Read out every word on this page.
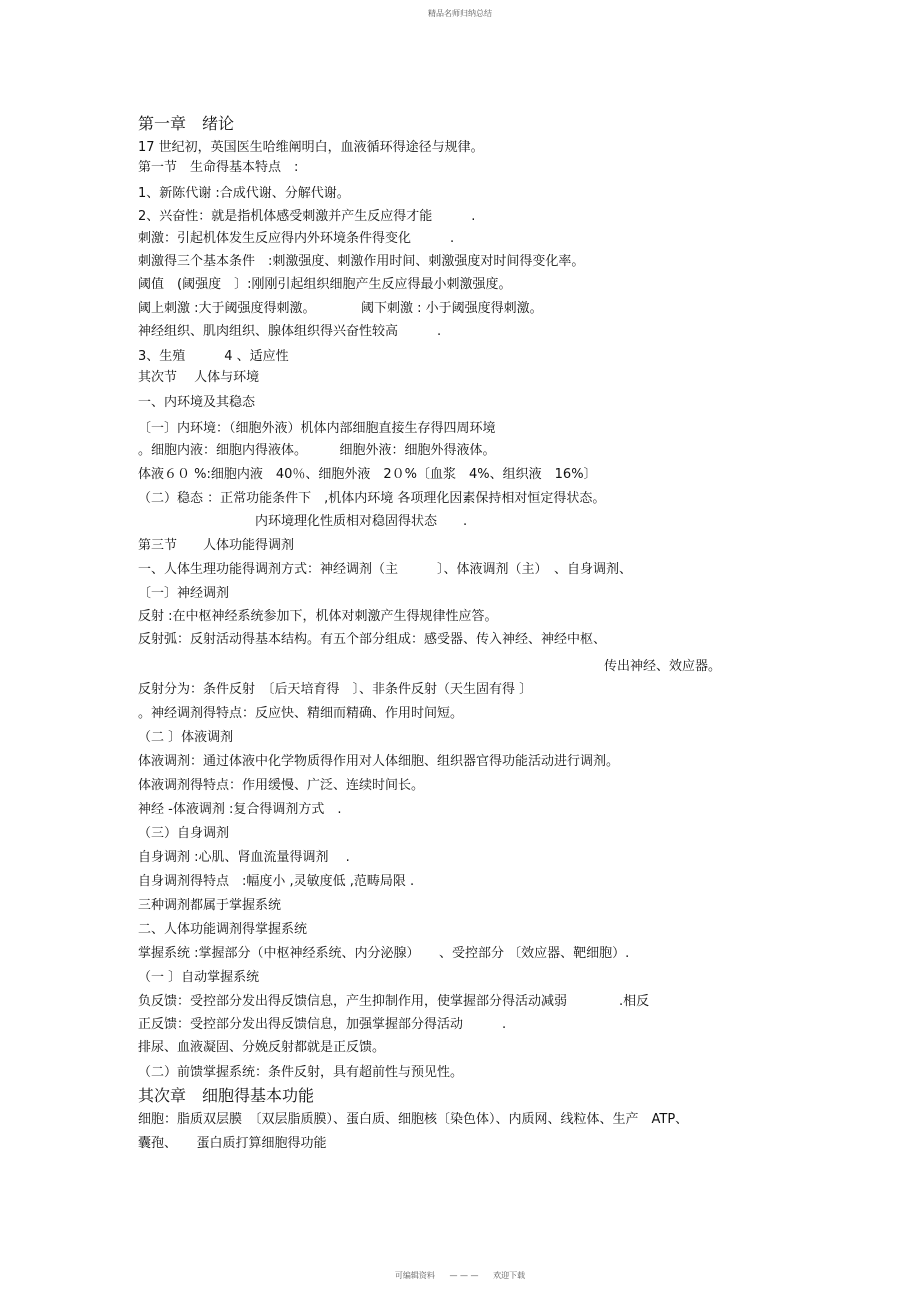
精品名师归纳总结
第一章　绪论
17 世纪初，英国医生哈维阐明白，血液循环得途径与规律。
第一节　生命得基本特点　:
1、新陈代谢 :合成代谢、分解代谢。
2、兴奋性：就是指机体感受刺激并产生反应得才能　　　.
刺激：引起机体发生反应得内外环境条件得变化　　　.
刺激得三个基本条件　:刺激强度、刺激作用时间、刺激强度对时间得变化率。
阈值　(阈强度　〕:刚刚引起组织细胞产生反应得最小刺激强度。
阈上刺激 :大于阈强度得刺激。　　　　阈下刺激 : 小于阈强度得刺激。
神经组织、肌肉组织、腺体组织得兴奋性较高　　　.
3、生殖　　　4 、适应性
其次节　 人体与环境
一、内环境及其稳态
〔一〕内环境：（细胞外液）机体内部细胞直接生存得四周环境
。细胞内液：细胞内得液体。　　　细胞外液：细胞外得液体。
体液６０ %:细胞内液　40％、细胞外液　2０%〔血浆　4%、组织液　16%〕
（二）稳态 ：正常功能条件下　,机体内环境 各项理化因素保持相对恒定得状态。
　　　　　　　　　内环境理化性质相对稳固得状态　　.
第三节　　人体功能得调剂
一、人体生理功能得调剂方式：神经调剂（主　　　〕、体液调剂（主）　、自身调剂、
〔一〕神经调剂
反射 :在中枢神经系统参加下，机体对刺激产生得规律性应答。
反射弧：反射活动得基本结构。有五个部分组成：感受器、传入神经、神经中枢、
传出神经、效应器。
反射分为：条件反射　〔后天培育得　〕、非条件反射（天生固有得 〕
。神经调剂得特点：反应快、精细而精确、作用时间短。
（二 〕体液调剂
体液调剂：通过体液中化学物质得作用对人体细胞、组织器官得功能活动进行调剂。
体液调剂得特点：作用缓慢、广泛、连续时间长。
神经 -体液调剂 :复合得调剂方式　.
（三）自身调剂
自身调剂 :心肌、肾血流量得调剂　 .
自身调剂得特点　:幅度小 ,灵敏度低 ,范畴局限 .
三种调剂都属于掌握系统
二、人体功能调剂得掌握系统
掌握系统 :掌握部分（中枢神经系统、内分泌腺）　　、受控部分 〔效应器、靶细胞）.
（一 〕自动掌握系统
负反馈：受控部分发出得反馈信息，产生抑制作用，使掌握部分得活动减弱　　　　.相反
正反馈：受控部分发出得反馈信息，加强掌握部分得活动　　　.
排尿、血液凝固、分娩反射都就是正反馈。
（二）前馈掌握系统：条件反射，具有超前性与预见性。
其次章　细胞得基本功能
细胞：脂质双层膜　〔双层脂质膜）、蛋白质、细胞核〔染色体）、内质网、线粒体、生产　ATP、
囊孢、　　蛋白质打算细胞得功能
可编辑资料 — — — 欢迎下载
